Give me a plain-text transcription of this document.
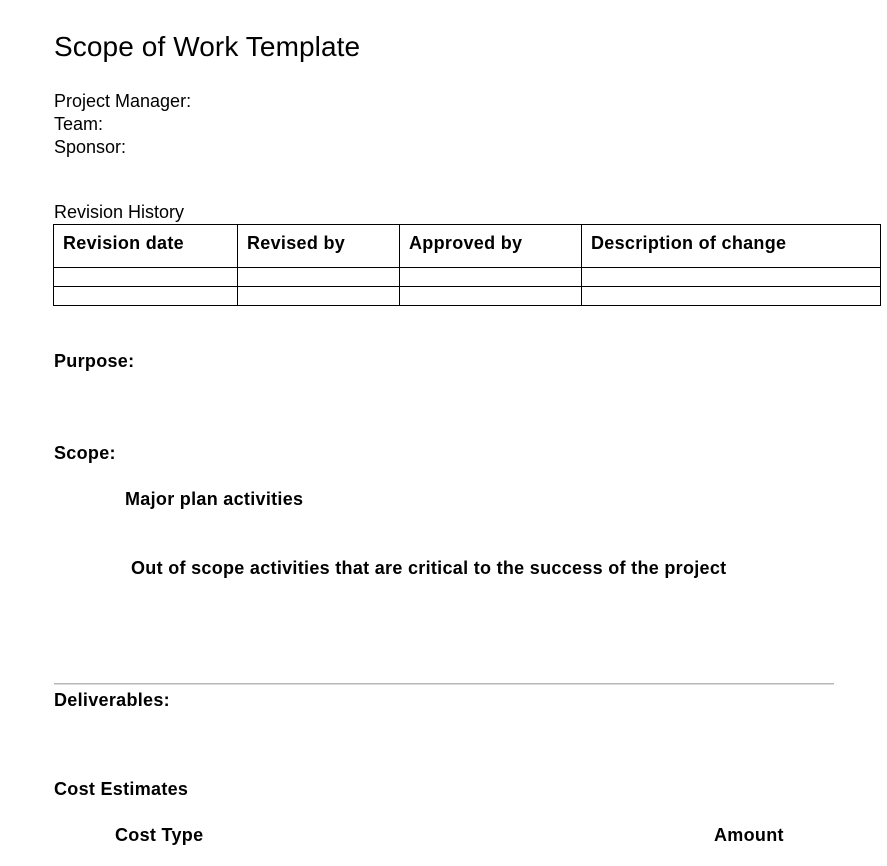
Scope of Work Template
Project Manager:
Team:
Sponsor:
Revision History
Revision date	Revised by	Approved by	Description of change

Purpose:
Scope:
Major plan activities
Out of scope activities that are critical to the success of the project
Deliverables:
Cost Estimates
Cost Type	Amount
